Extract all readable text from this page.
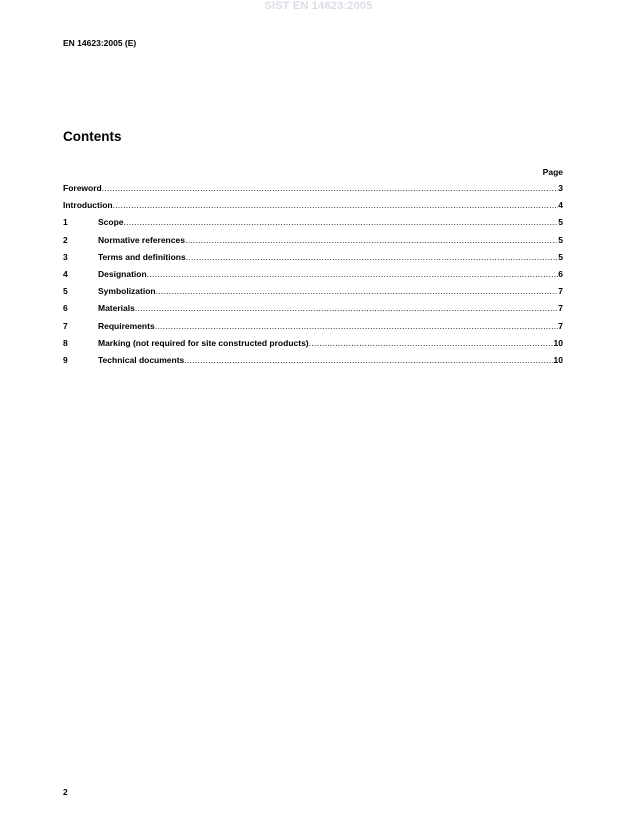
SIST EN 14623:2005
EN 14623:2005 (E)
Contents
Page
Foreword .....	3
Introduction .....	4
1	Scope .....	5
2	Normative references .....	5
3	Terms and definitions .....	5
4	Designation .....	6
5	Symbolization .....	7
6	Materials .....	7
7	Requirements .....	7
8	Marking (not required for site constructed products) .....	10
9	Technical documents .....	10
2
